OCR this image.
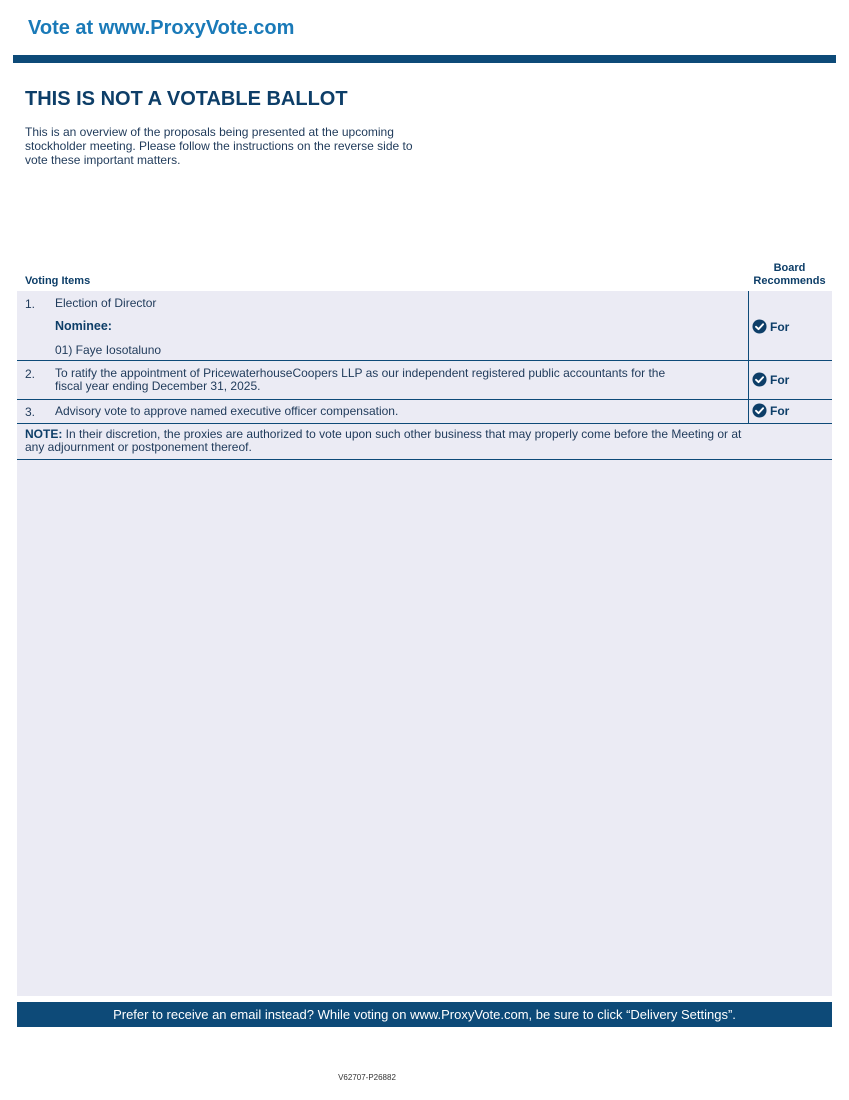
Vote at www.ProxyVote.com
THIS IS NOT A VOTABLE BALLOT
This is an overview of the proposals being presented at the upcoming stockholder meeting. Please follow the instructions on the reverse side to vote these important matters.
Voting Items
Board
Recommends
1. Election of Director
Nominee:
01) Faye Iosotaluno
For
2. To ratify the appointment of PricewaterhouseCoopers LLP as our independent registered public accountants for the
fiscal year ending December 31, 2025.	For
3. Advisory vote to approve named executive officer compensation.	For
NOTE: In their discretion, the proxies are authorized to vote upon such other business that may properly come before the Meeting or at any adjournment or postponement thereof.
Prefer to receive an email instead? While voting on www.ProxyVote.com, be sure to click “Delivery Settings”.
V62707-P26882
